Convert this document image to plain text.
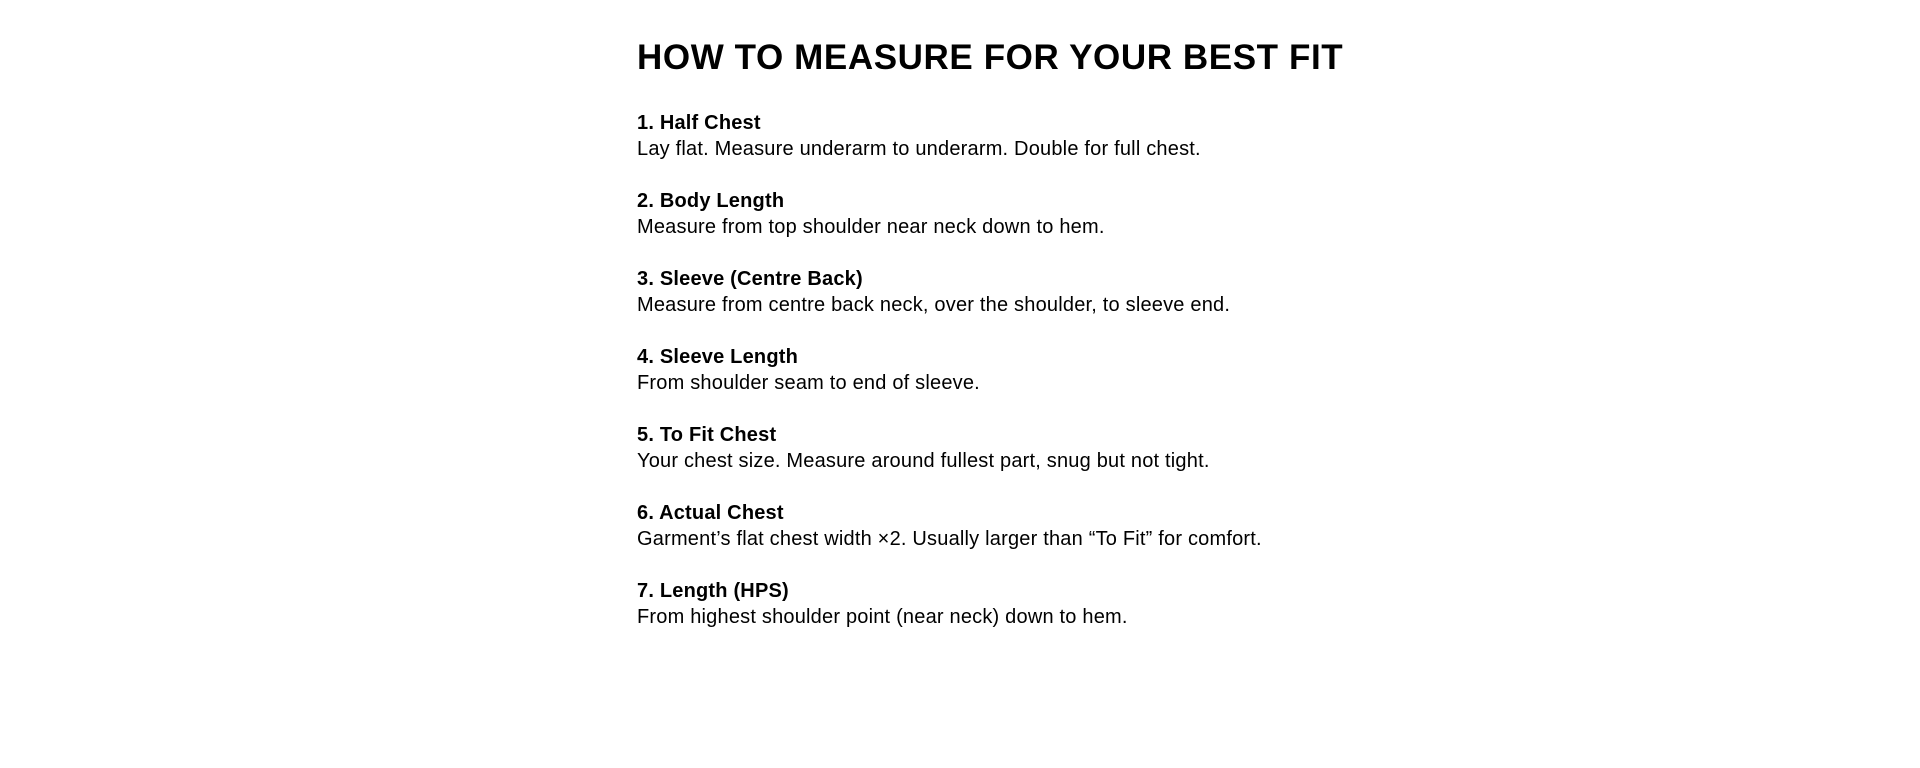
HOW TO MEASURE FOR YOUR BEST FIT
1. Half Chest
Lay flat. Measure underarm to underarm. Double for full chest.
2. Body Length
Measure from top shoulder near neck down to hem.
3. Sleeve (Centre Back)
Measure from centre back neck, over the shoulder, to sleeve end.
4. Sleeve Length
From shoulder seam to end of sleeve.
5. To Fit Chest
Your chest size. Measure around fullest part, snug but not tight.
6. Actual Chest
Garment’s flat chest width ×2. Usually larger than “To Fit” for comfort.
7. Length (HPS)
From highest shoulder point (near neck) down to hem.
